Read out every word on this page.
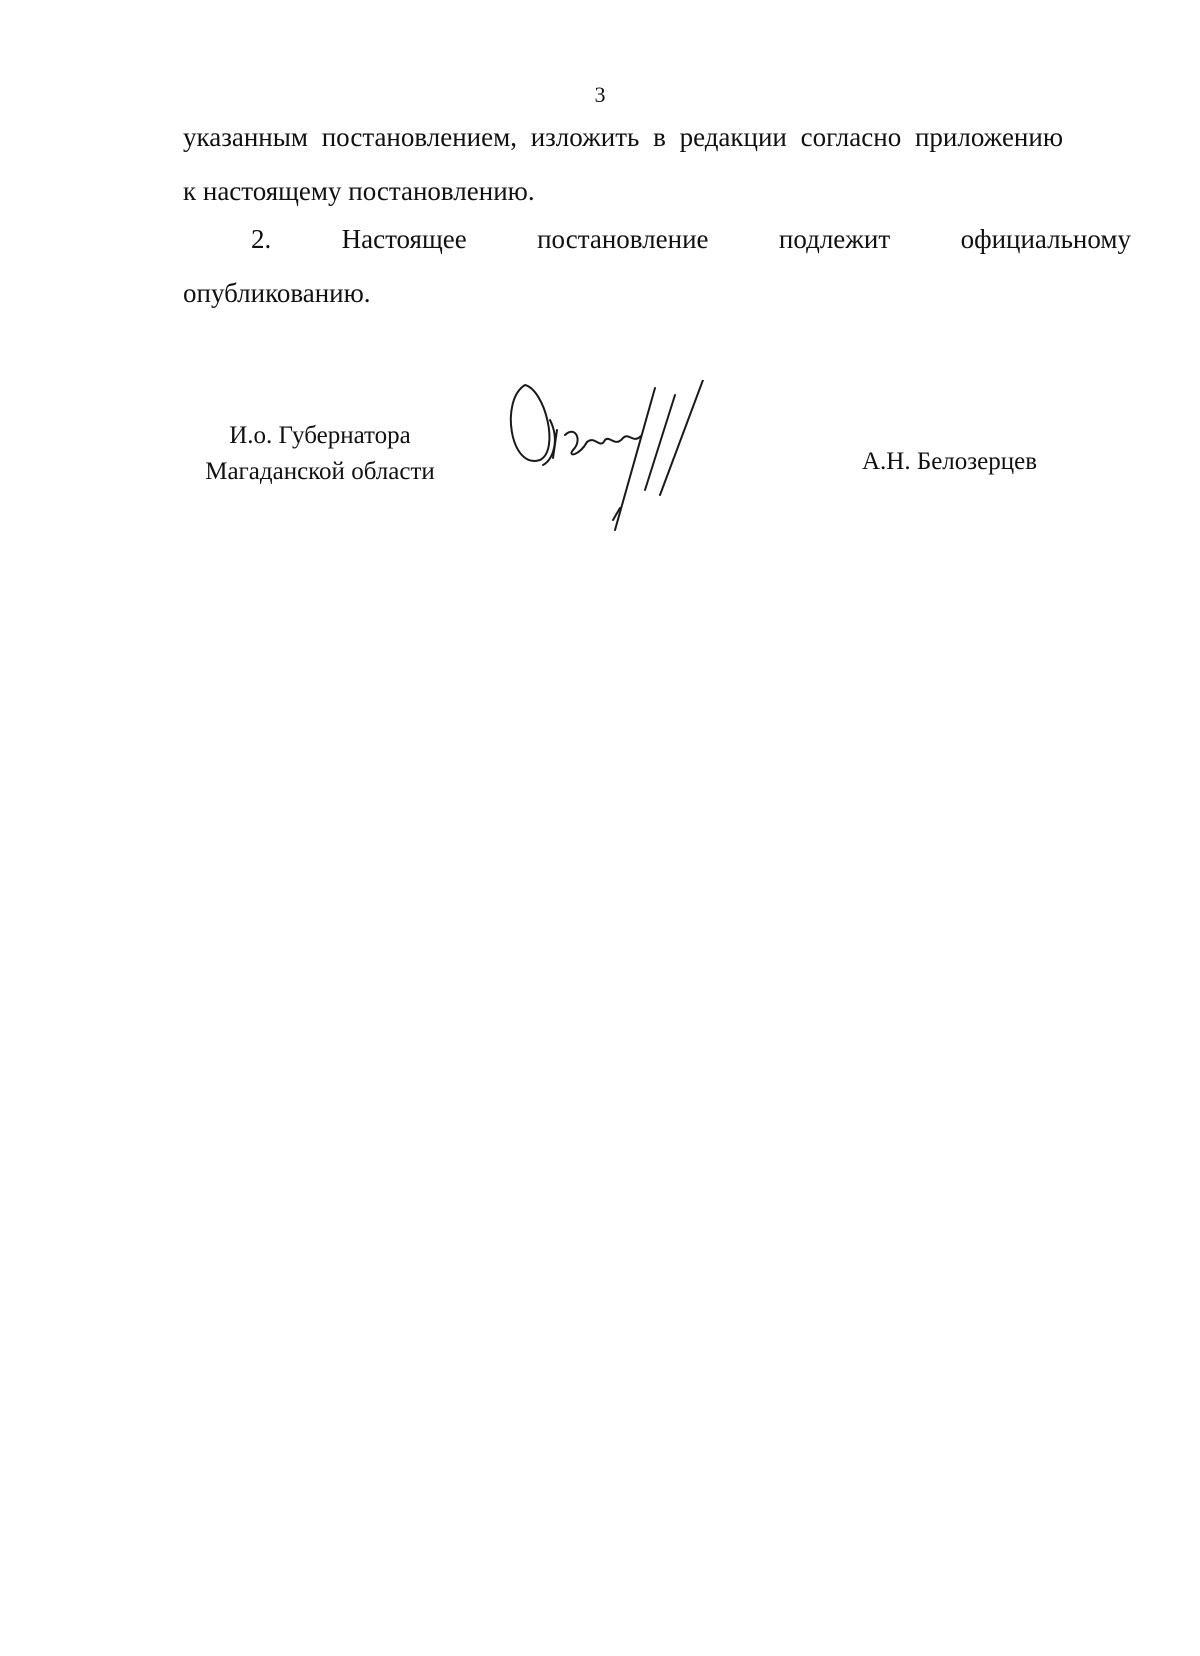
3
указанным постановлением, изложить в редакции согласно приложению
к настоящему постановлению.
2.	Настоящее	постановление	подлежит	официальному
опубликованию.
И.о. Губернатора
Магаданской области	А.Н. Белозерцев
